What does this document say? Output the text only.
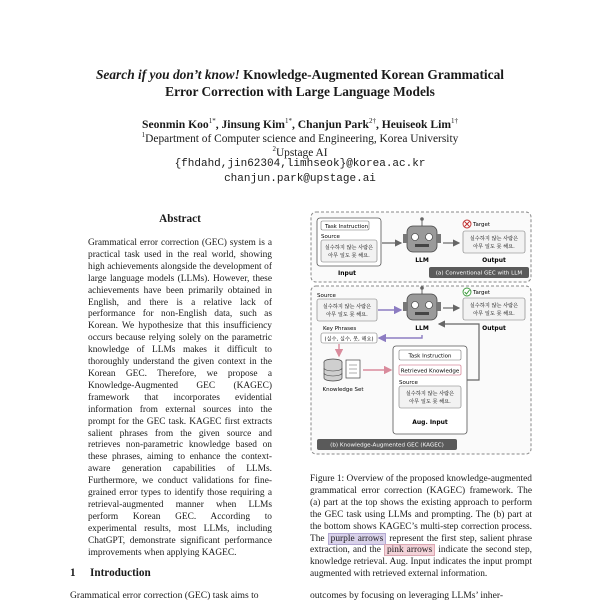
Search if you don’t know! Knowledge-Augmented Korean Grammatical
Error Correction with Large Language Models
Seonmin Koo$^{1*}$, Jinsung Kim$^{1*}$, Chanjun Park$^{2\dagger}$, Heuiseok Lim$^{1\dagger}$
$^1$Department of Computer science and Engineering, Korea University
$^2$Upstage AI
{fhdahd,jin62304,limhseok}@korea.ac.kr
chanjun.park@upstage.ai
Abstract
Grammatical error correction (GEC) system is a practical task used in the real world, showing high achievements alongside the development of large language models (LLMs). However, these achievements have been primarily obtained in English, and there is a relative lack of performance for non-English data, such as Korean. We hypothesize that this insufficiency occurs because relying solely on the parametric knowledge of LLMs makes it difficult to thoroughly understand the given context in the Korean GEC. Therefore, we propose a Knowledge-Augmented GEC (KAGEC) framework that incorporates evidential information from external sources into the prompt for the GEC task. KAGEC first extracts salient phrases from the given source and retrieves non-parametric knowledge based on these phrases, aiming to enhance the context-aware generation capabilities of LLMs. Furthermore, we conduct validations for fine-grained error types to identify those requiring a retrieval-augmented manner when LLMs perform Korean GEC. According to experimental results, most LLMs, including ChatGPT, demonstrate significant performance improvements when applying KAGEC.
1 Introduction
Grammatical error correction (GEC) task aims to
Task Instruction
Source
실수하지 않는 사람은
아무 일도 못 해요.
Input
LLM
Target
실수하지 않는 사람은
아무 일도 못 해요.
Output
(a) Conventional GEC with LLM
Source
실수하지 않는 사람은
아무 일도 못 해요.
LLM
Target
실수하지 않는 사람은
아무 일도 못 해요.
Output
Key Phrases
(실수, 실수, 못, 해요)
Knowledge Set
Task Instruction
Retrieved Knowledge
Source
실수하지 않는 사람은
아무 일도 못 해요.
Aug. Input
(b) Knowledge-Augmented GEC (KAGEC)
Figure 1: Overview of the proposed knowledge-augmented grammatical error correction (KAGEC) framework. The (a) part at the top shows the existing approach to perform the GEC task using LLMs and prompting. The (b) part at the bottom shows KAGEC’s multi-step correction process. The purple arrows represent the first step, salient phrase extraction, and the pink arrows indicate the second step, knowledge retrieval. Aug. Input indicates the input prompt augmented with retrieved external information.
outcomes by focusing on leveraging LLMs’ inher-
